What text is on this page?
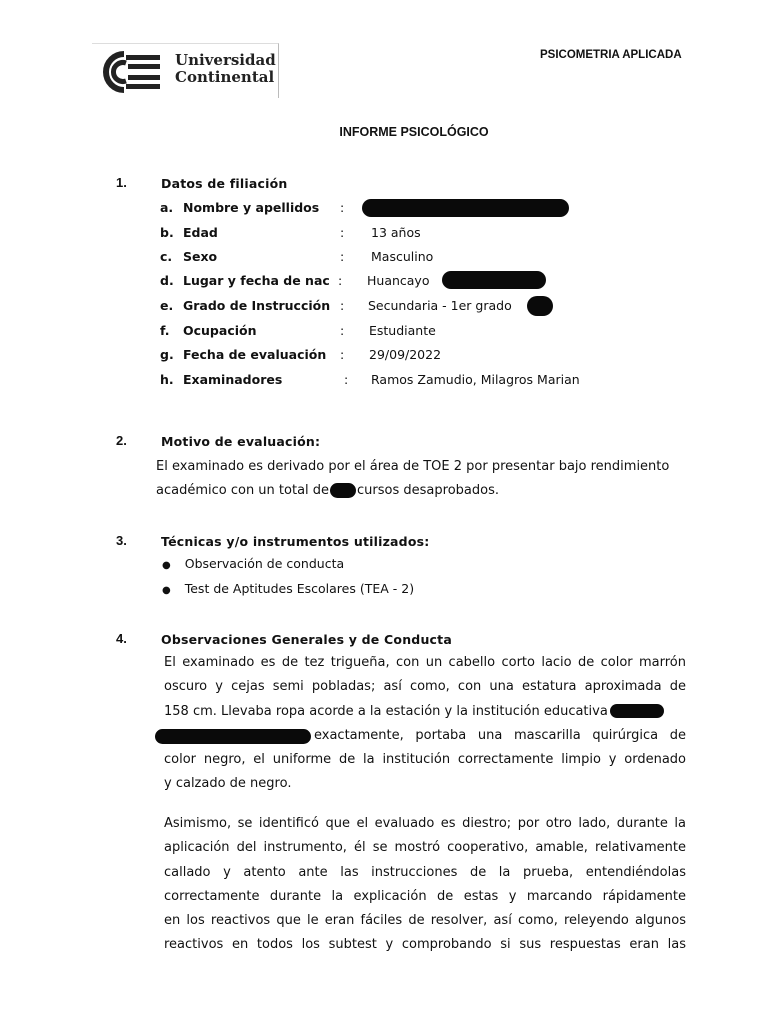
Universidad
Continental
PSICOMETRIA APLICADA
INFORME PSICOLÓGICO
1.	Datos de filiación
a. Nombre y apellidos :
b. Edad	: 13 años
c. Sexo	: Masculino
d. Lugar y fecha de nac : Huancayo
e. Grado de Instrucción : Secundaria - 1er grado
f. Ocupación	: Estudiante
g. Fecha de evaluación : 29/09/2022
h. Examinadores	: Ramos Zamudio, Milagros Marian
2.	Motivo de evaluación:
El examinado es derivado por el área de TOE 2 por presentar bajo rendimiento
académico con un total de cursos desaprobados.
3.	Técnicas y/o instrumentos utilizados:
● Observación de conducta
● Test de Aptitudes Escolares (TEA - 2)
4.	Observaciones Generales y de Conducta
El examinado es de tez trigueña, con un cabello corto lacio de color marrón
oscuro y cejas semi pobladas; así como, con una estatura aproximada de
158 cm. Llevaba ropa acorde a la estación y la institución educativa
exactamente, portaba una mascarilla quirúrgica de
color negro, el uniforme de la institución correctamente limpio y ordenado
y calzado de negro.
Asimismo, se identificó que el evaluado es diestro; por otro lado, durante la
aplicación del instrumento, él se mostró cooperativo, amable, relativamente
callado y atento ante las instrucciones de la prueba, entendiéndolas
correctamente durante la explicación de estas y marcando rápidamente
en los reactivos que le eran fáciles de resolver, así como, releyendo algunos
reactivos en todos los subtest y comprobando si sus respuestas eran las
